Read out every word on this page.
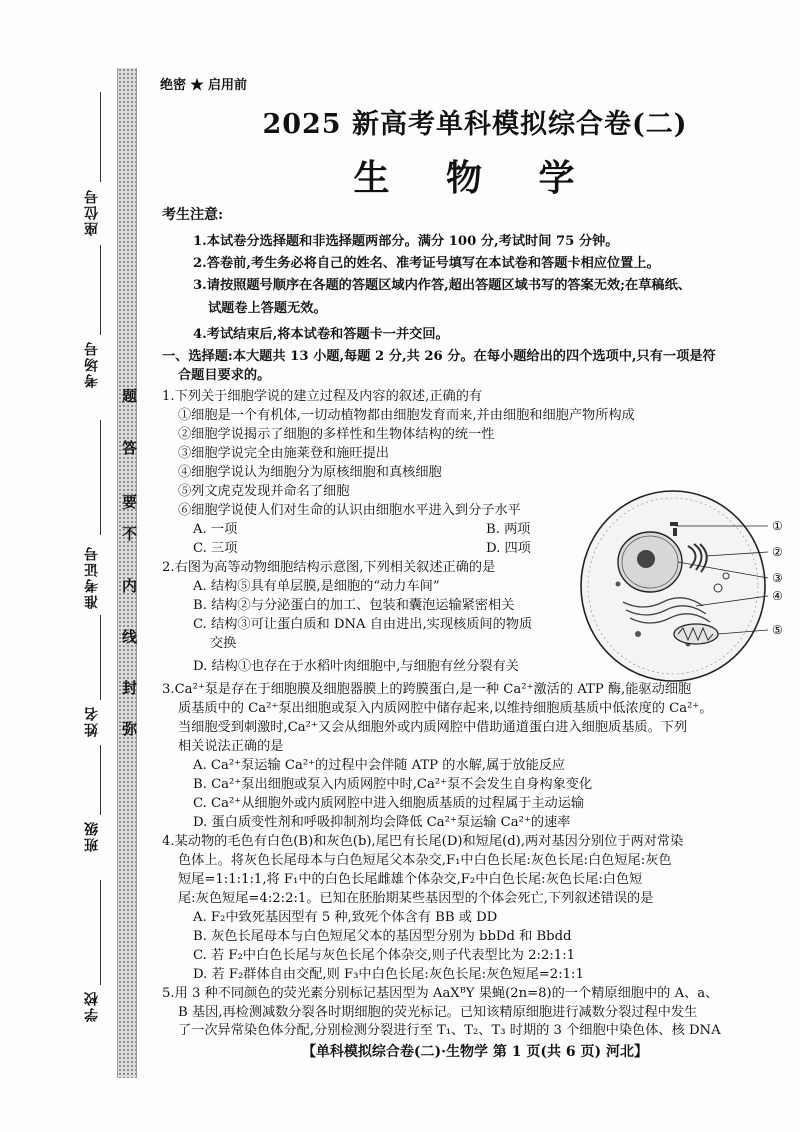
题
答
要
不
内
线
封
弥
座位号
考场号
准考证号
姓名
班级
学校
绝密 ★ 启用前
2025 新高考单科模拟综合卷(二)
生 物 学
考生注意:
1.本试卷分选择题和非选择题两部分。满分 100 分,考试时间 75 分钟。
2.答卷前,考生务必将自己的姓名、准考证号填写在本试卷和答题卡相应位置上。
3.请按照题号顺序在各题的答题区域内作答,超出答题区域书写的答案无效;在草稿纸、
试题卷上答题无效。
4.考试结束后,将本试卷和答题卡一并交回。
一、选择题:本大题共 13 小题,每题 2 分,共 26 分。在每小题给出的四个选项中,只有一项是符
合题目要求的。
1.下列关于细胞学说的建立过程及内容的叙述,正确的有
①细胞是一个有机体,一切动植物都由细胞发育而来,并由细胞和细胞产物所构成
②细胞学说揭示了细胞的多样性和生物体结构的统一性
③细胞学说完全由施莱登和施旺提出
④细胞学说认为细胞分为原核细胞和真核细胞
⑤列文虎克发现并命名了细胞
⑥细胞学说使人们对生命的认识由细胞水平进入到分子水平
A. 一项	B. 两项
C. 三项	D. 四项
2.右图为高等动物细胞结构示意图,下列相关叙述正确的是
A. 结构⑤具有单层膜,是细胞的“动力车间”
B. 结构②与分泌蛋白的加工、包装和囊泡运输紧密相关
C. 结构③可让蛋白质和 DNA 自由进出,实现核质间的物质
交换
D. 结构①也存在于水稻叶肉细胞中,与细胞有丝分裂有关
①
②
③
④
⑤
3.Ca²⁺泵是存在于细胞膜及细胞器膜上的跨膜蛋白,是一种 Ca²⁺激活的 ATP 酶,能驱动细胞
质基质中的 Ca²⁺泵出细胞或泵入内质网腔中储存起来,以维持细胞质基质中低浓度的 Ca²⁺。
当细胞受到刺激时,Ca²⁺又会从细胞外或内质网腔中借助通道蛋白进入细胞质基质。下列
相关说法正确的是
A. Ca²⁺泵运输 Ca²⁺的过程中会伴随 ATP 的水解,属于放能反应
B. Ca²⁺泵出细胞或泵入内质网腔中时,Ca²⁺泵不会发生自身构象变化
C. Ca²⁺从细胞外或内质网腔中进入细胞质基质的过程属于主动运输
D. 蛋白质变性剂和呼吸抑制剂均会降低 Ca²⁺泵运输 Ca²⁺的速率
4.某动物的毛色有白色(B)和灰色(b),尾巴有长尾(D)和短尾(d),两对基因分别位于两对常染
色体上。将灰色长尾母本与白色短尾父本杂交,F₁中白色长尾:灰色长尾:白色短尾:灰色
短尾=1:1:1:1,将 F₁中的白色长尾雌雄个体杂交,F₂中白色长尾:灰色长尾:白色短
尾:灰色短尾=4:2:2:1。已知在胚胎期某些基因型的个体会死亡,下列叙述错误的是
A. F₂中致死基因型有 5 种,致死个体含有 BB 或 DD
B. 灰色长尾母本与白色短尾父本的基因型分别为 bbDd 和 Bbdd
C. 若 F₂中白色长尾与灰色长尾个体杂交,则子代表型比为 2:2:1:1
D. 若 F₂群体自由交配,则 F₃中白色长尾:灰色长尾:灰色短尾=2:1:1
5.用 3 种不同颜色的荧光素分别标记基因型为 AaXᴮY 果蝇(2n=8)的一个精原细胞中的 A、a、
B 基因,再检测减数分裂各时期细胞的荧光标记。已知该精原细胞进行减数分裂过程中发生
了一次异常染色体分配,分别检测分裂进行至 T₁、T₂、T₃ 时期的 3 个细胞中染色体、核 DNA
【单科模拟综合卷(二)·生物学 第 1 页(共 6 页) 河北】
